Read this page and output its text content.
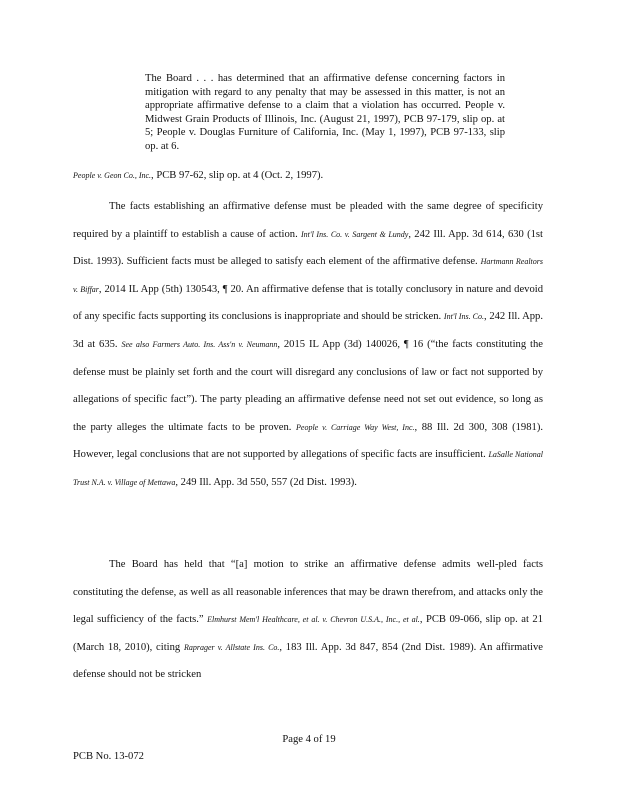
The Board . . . has determined that an affirmative defense concerning factors in mitigation with regard to any penalty that may be assessed in this matter, is not an appropriate affirmative defense to a claim that a violation has occurred. People v. Midwest Grain Products of Illinois, Inc. (August 21, 1997), PCB 97-179, slip op. at 5; People v. Douglas Furniture of California, Inc. (May 1, 1997), PCB 97-133, slip op. at 6.

People v. Geon Co., Inc., PCB 97-62, slip op. at 4 (Oct. 2, 1997).

The facts establishing an affirmative defense must be pleaded with the same degree of specificity required by a plaintiff to establish a cause of action. Int'l Ins. Co. v. Sargent & Lundy, 242 Ill. App. 3d 614, 630 (1st Dist. 1993). Sufficient facts must be alleged to satisfy each element of the affirmative defense. Hartmann Realtors v. Biffar, 2014 IL App (5th) 130543, ¶ 20. An affirmative defense that is totally conclusory in nature and devoid of any specific facts supporting its conclusions is inappropriate and should be stricken. Int'l Ins. Co., 242 Ill. App. 3d at 635. See also Farmers Auto. Ins. Ass'n v. Neumann, 2015 IL App (3d) 140026, ¶ 16 (“the facts constituting the defense must be plainly set forth and the court will disregard any conclusions of law or fact not supported by allegations of specific fact”). The party pleading an affirmative defense need not set out evidence, so long as the party alleges the ultimate facts to be proven. People v. Carriage Way West, Inc., 88 Ill. 2d 300, 308 (1981). However, legal conclusions that are not supported by allegations of specific facts are insufficient. LaSalle National Trust N.A. v. Village of Mettawa, 249 Ill. App. 3d 550, 557 (2d Dist. 1993).

The Board has held that “[a] motion to strike an affirmative defense admits well-pled facts constituting the defense, as well as all reasonable inferences that may be drawn therefrom, and attacks only the legal sufficiency of the facts.” Elmhurst Mem'l Healthcare, et al. v. Chevron U.S.A., Inc., et al., PCB 09-066, slip op. at 21 (March 18, 2010), citing Raprager v. Allstate Ins. Co., 183 Ill. App. 3d 847, 854 (2nd Dist. 1989). An affirmative defense should not be stricken

Page 4 of 19
PCB No. 13-072
